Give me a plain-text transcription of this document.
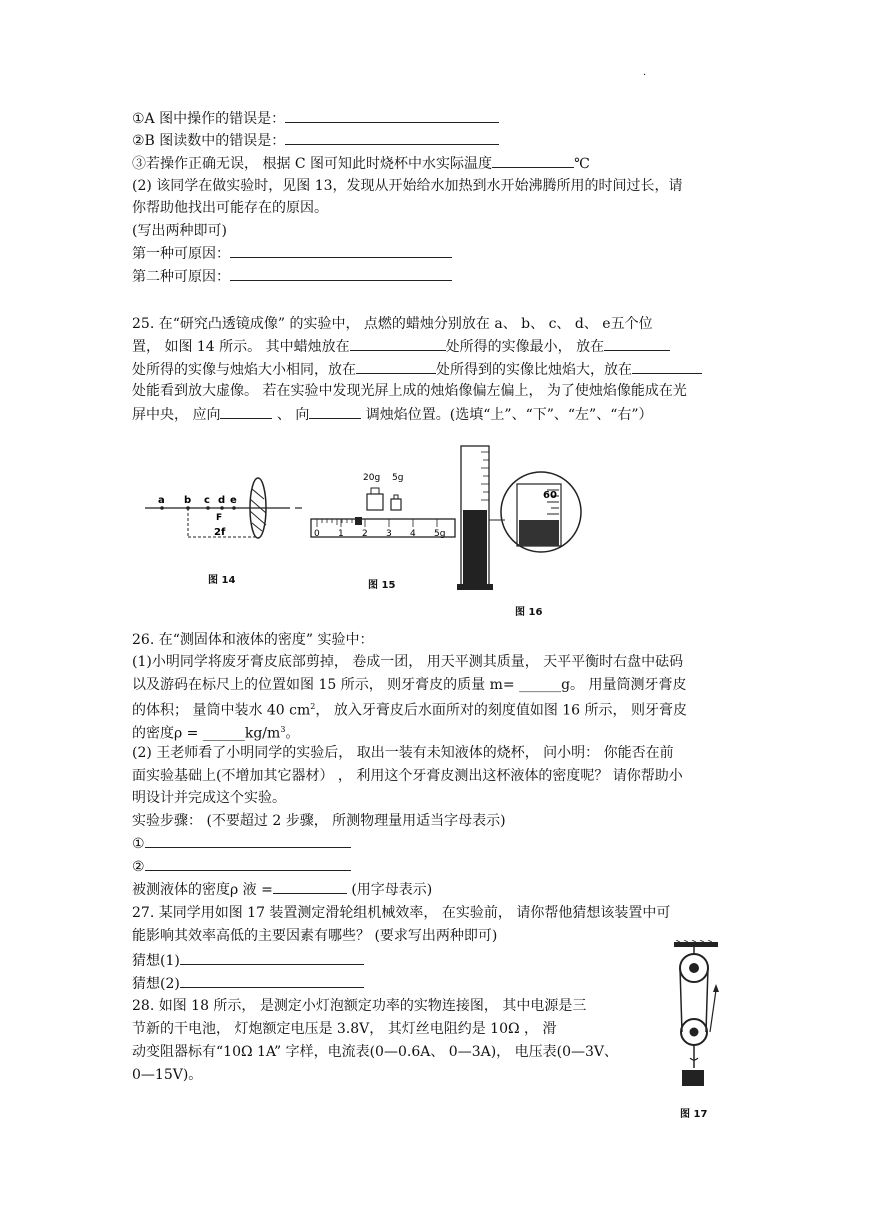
·
①A 图中操作的错误是：
②B 图读数中的错误是：
③若操作正确无误， 根据 C 图可知此时烧杯中水实际温度	℃
(2) 该同学在做实验时，见图 13，发现从开始给水加热到水开始沸腾所用的时间过长，请
你帮助他找出可能存在的原因。
(写出两种即可)
第一种可原因：
第二种可原因：
25. 在“研究凸透镜成像” 的实验中， 点燃的蜡烛分别放在 a、 b、 c、 d、 e五个位
置， 如图 14 所示。 其中蜡烛放在	处所得的实像最小， 放在
处所得的实像与烛焰大小相同，放在	处所得到的实像比烛焰大，放在
处能看到放大虚像。 若在实验中发现光屏上成的烛焰像偏左偏上， 为了使烛焰像能成在光
屏中央， 应向	、 向	调烛焰位置。(选填“上”、“下”、“左”、“右”）
a b c d e
F
2f
图 14
20g 5g
0 1 2 3 4 5g
图 15
60
图 16
26. 在“测固体和液体的密度” 实验中：
(1)小明同学将废牙膏皮底部剪掉， 卷成一团， 用天平测其质量， 天平平衡时右盘中砝码
以及游码在标尺上的位置如图 15 所示， 则牙膏皮的质量 m= ______g。 用量筒测牙膏皮
的体积； 量筒中装水 40 $cm^2$， 放入牙膏皮后水面所对的刻度值如图 16 所示， 则牙膏皮
的密度$\rho = \_\_\_\_\_\_kg/m^3$。
(2) 王老师看了小明同学的实验后， 取出一装有未知液体的烧杯， 问小明： 你能否在前
面实验基础上(不增加其它器材） ， 利用这个牙膏皮测出这杯液体的密度呢？ 请你帮助小
明设计并完成这个实验。
实验步骤： (不要超过 2 步骤， 所测物理量用适当字母表示)
①
②
被测液体的密度ρ 液 =	(用字母表示)
27. 某同学用如图 17 装置测定滑轮组机械效率， 在实验前， 请你帮他猜想该装置中可
能影响其效率高低的主要因素有哪些？ (要求写出两种即可)
猜想(1)
猜想(2)
28. 如图 18 所示， 是测定小灯泡额定功率的实物连接图， 其中电源是三
节新的干电池， 灯炮额定电压是 3.8V， 其灯丝电阻约是 10Ω ， 滑
动变阻器标有“10Ω 1A” 字样，电流表(0—0.6A、 0—3A)， 电压表(0—3V、
0—15V)。
图 17
